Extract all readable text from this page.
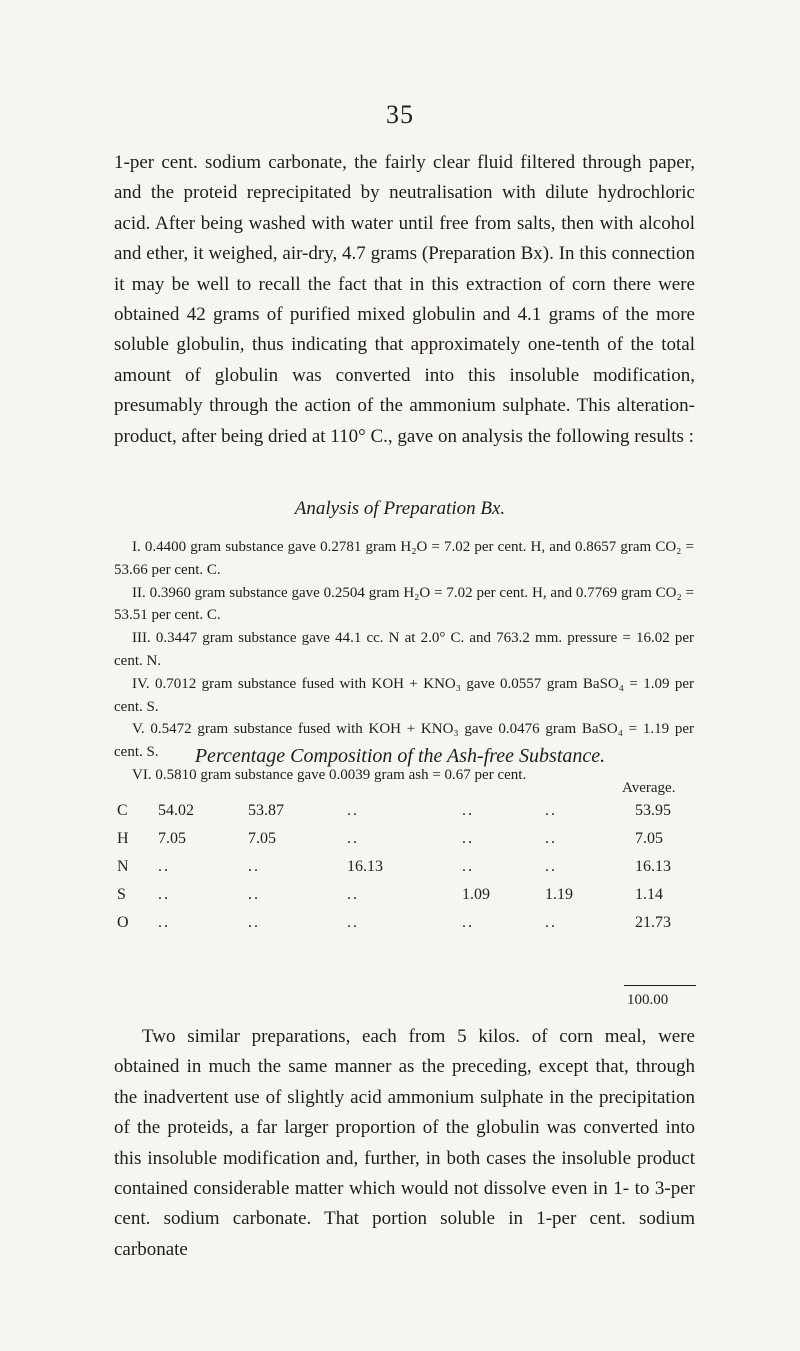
35

1-per cent. sodium carbonate, the fairly clear fluid filtered through paper, and the proteid reprecipitated by neutralisation with dilute hydrochloric acid. After being washed with water until free from salts, then with alcohol and ether, it weighed, air-dry, 4.7 grams (Preparation Bx). In this connection it may be well to recall the fact that in this extraction of corn there were obtained 42 grams of purified mixed globulin and 4.1 grams of the more soluble globulin, thus indicating that approximately one-tenth of the total amount of globulin was converted into this insoluble modification, presumably through the action of the ammonium sulphate. This alteration-product, after being dried at 110° C., gave on analysis the following results :

Analysis of Preparation Bx.

I. 0.4400 gram substance gave 0.2781 gram H₂O = 7.02 per cent. H, and 0.8657 gram CO₂ = 53.66 per cent. C.

II. 0.3960 gram substance gave 0.2504 gram H₂O = 7.02 per cent. H, and 0.7769 gram CO₂ = 53.51 per cent. C.

III. 0.3447 gram substance gave 44.1 cc. N at 2.0° C. and 763.2 mm. pressure = 16.02 per cent. N.

IV. 0.7012 gram substance fused with KOH + KNO₃ gave 0.0557 gram BaSO₄ = 1.09 per cent. S.

V. 0.5472 gram substance fused with KOH + KNO₃ gave 0.0476 gram BaSO₄ = 1.19 per cent. S.

VI. 0.5810 gram substance gave 0.0039 gram ash = 0.67 per cent.

Percentage Composition of the Ash-free Substance.

Average.
C 54.02	53.87	..	..	..	53.95
H 7.05	7.05	..	..	..	7.05
N ..	..	16.13	..	..	16.13
S ..	..	..	1.09	1.19	1.14
O ..	..	..	..	..	21.73
100.00

Two similar preparations, each from 5 kilos. of corn meal, were obtained in much the same manner as the preceding, except that, through the inadvertent use of slightly acid ammonium sulphate in the precipitation of the proteids, a far larger proportion of the globulin was converted into this insoluble modification and, further, in both cases the insoluble product contained considerable matter which would not dissolve even in 1- to 3-per cent. sodium carbonate. That portion soluble in 1-per cent. sodium carbonate
